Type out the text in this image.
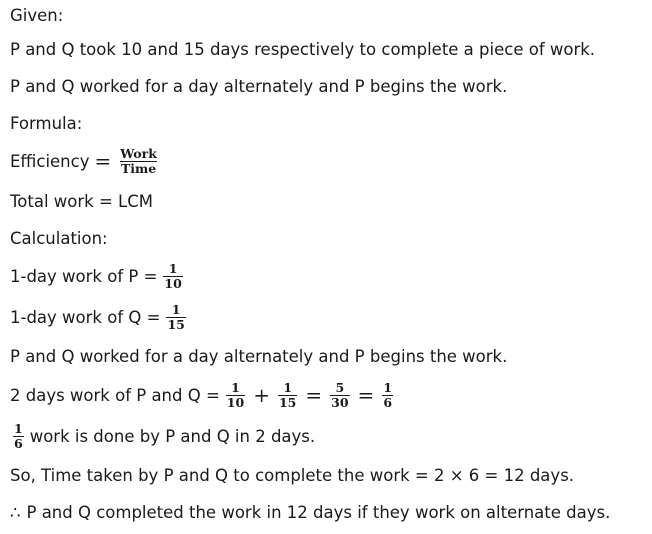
Given:
P and Q took 10 and 15 days respectively to complete a piece of work.
P and Q worked for a day alternately and P begins the work.
Formula:
Efficiency = $\frac{\text{Work}}{\text{Time}}$
Total work = LCM
Calculation:
1-day work of $P = \frac{1}{10}$
1-day work of $Q = \frac{1}{15}$
P and Q worked for a day alternately and P begins the work.
2 days work of P and $Q = \frac{1}{10} + \frac{1}{15} = \frac{5}{30} = \frac{1}{6}$
$\frac{1}{6}$ work is done by P and Q in 2 days.
So, Time taken by P and Q to complete the work = 2 × 6 = 12 days.
∴ P and Q completed the work in 12 days if they work on alternate days.
